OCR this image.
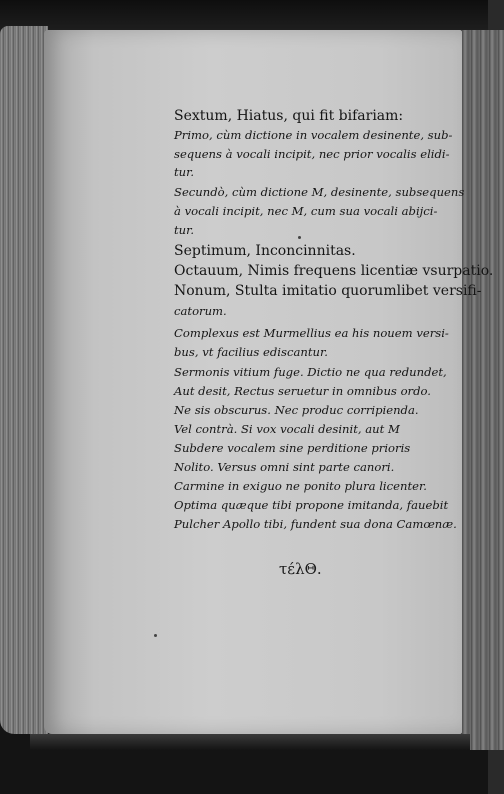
Sextum, Hiatus, qui fit bifariam:
Primo, cùm dictione in vocalem desinente, sub-
sequens à vocali incipit, nec prior vocalis elidi-
tur.
Secundò, cùm dictione M, desinente, subsequens
à vocali incipit, nec M, cum sua vocali abijci-
tur.
Septimum, Inconcinnitas.
Octauum, Nimis frequens licentiæ vsurpatio.
Nonum, Stulta imitatio quorumlibet versifi-
catorum.
Complexus est Murmellius ea his nouem versi-
bus, vt facilius ediscantur.
Sermonis vitium fuge. Dictio ne qua redundet,
Aut desit, Rectus seruetur in omnibus ordo.
Ne sis obscurus. Nec produc corripienda.
Vel contrà. Si vox vocali desinit, aut M
Subdere vocalem sine perditione prioris
Nolito. Versus omni sint parte canori.
Carmine in exiguo ne ponito plura licenter.
Optima quæque tibi propone imitanda, fauebit
Pulcher Apollo tibi, fundent sua dona Camœnæ.
τέλΘ.
